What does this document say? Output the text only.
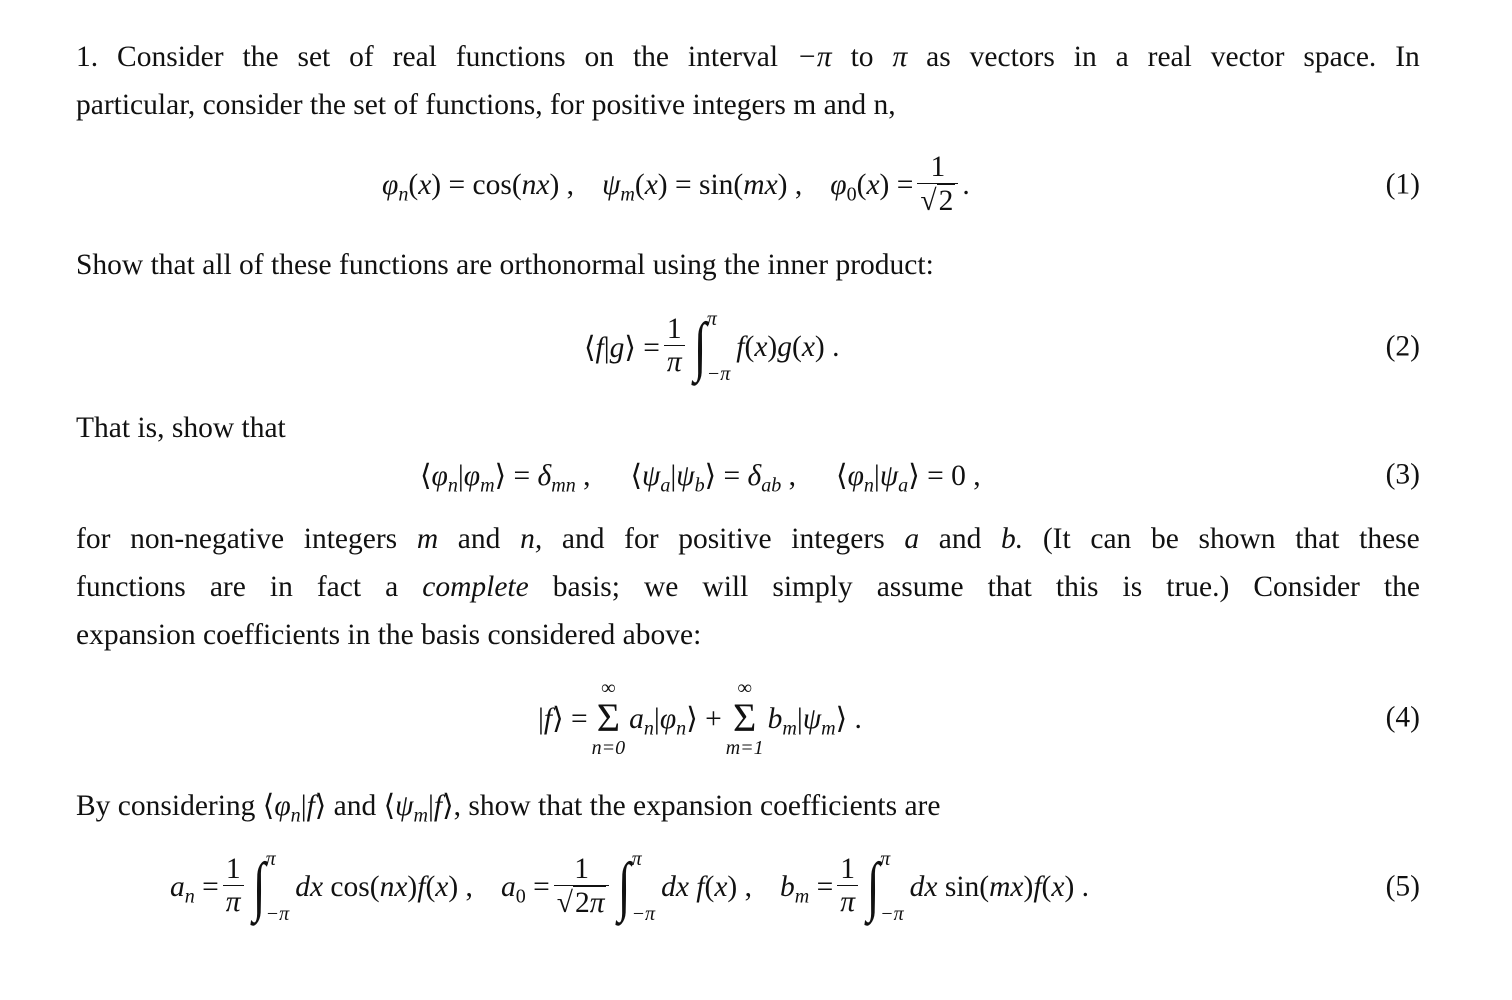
1. Consider the set of real functions on the interval −π to π as vectors in a real vector space. In
particular, consider the set of functions, for positive integers m and n,
$\varphi_n(x) = \cos(nx)$ , $\psi_m(x) = \sin(mx)$ , $\varphi_0(x) = \frac{1}{√ 2}$ .	(1)
Show that all of these functions are orthonormal using the inner product:
⟨f|g⟩ = $\frac{1}{\pi}$ ∫ π
−π
f(x)g(x) .	(2)
That is, show that
$⟨\varphi_n|\varphi_m⟩ = \delta_{mn}$ , $⟨\psi_a|\psi_b⟩ = \delta_{ab}$ , $⟨\varphi_n|\psi_a⟩ = 0$ ,	(3)
for non-negative integers m and n, and for positive integers a and b. (It can be shown that these
functions are in fact a complete basis; we will simply assume that this is true.) Consider the
expansion coefficients in the basis considered above:
|f⟩ =
∞
Σ
n=0
$a_n|\varphi_n⟩$ +
∞
Σ
m=1
$b_m|\psi_m⟩$ .	(4)
By considering $⟨\varphi_n|f⟩$ and $⟨\psi_m|f⟩$, show that the expansion coefficients are
$a_n = \frac{1}{\pi}$ ∫ π
−π
dx cos(nx)f(x) , $a_0 = \frac{1}{√ 2\pi}$ ∫ π
−π
dx f(x) , $b_m = \frac{1}{\pi}$ ∫ π
−π
dx sin(mx)f(x) .	(5)
